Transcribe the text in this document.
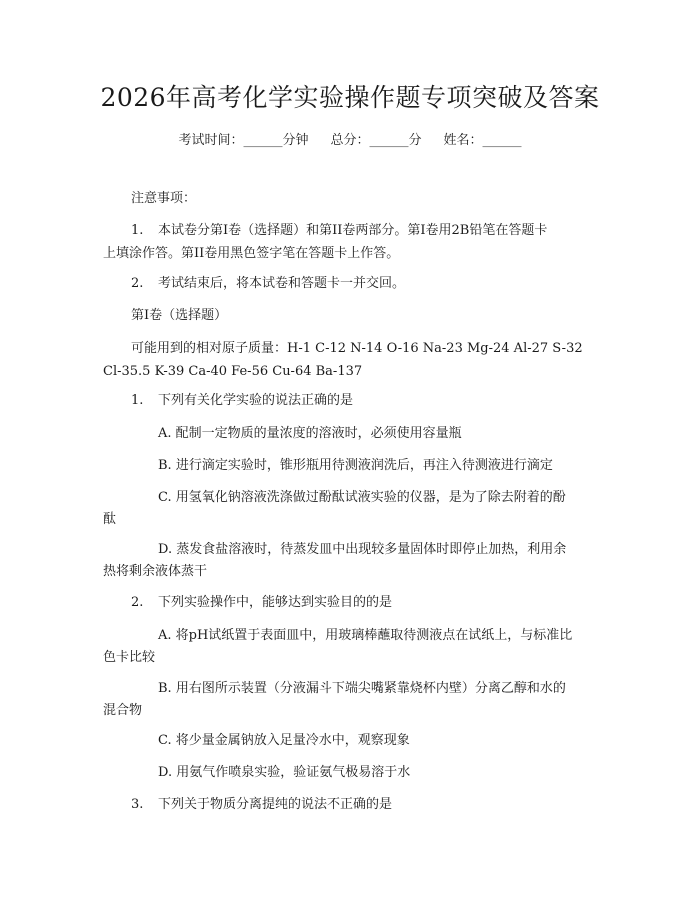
2026年高考化学实验操作题专项突破及答案
考试时间：______分钟 总分：______分 姓名：______
注意事项：
1. 本试卷分第I卷（选择题）和第II卷两部分。第I卷用2B铅笔在答题卡
上填涂作答。第II卷用黑色签字笔在答题卡上作答。
2. 考试结束后，将本试卷和答题卡一并交回。
第I卷（选择题）
可能用到的相对原子质量：H-1 C-12 N-14 O-16 Na-23 Mg-24 Al-27 S-32
Cl-35.5 K-39 Ca-40 Fe-56 Cu-64 Ba-137
1. 下列有关化学实验的说法正确的是
A. 配制一定物质的量浓度的溶液时，必须使用容量瓶
B. 进行滴定实验时，锥形瓶用待测液润洗后，再注入待测液进行滴定
C. 用氢氧化钠溶液洗涤做过酚酞试液实验的仪器，是为了除去附着的酚
酞
D. 蒸发食盐溶液时，待蒸发皿中出现较多量固体时即停止加热，利用余
热将剩余液体蒸干
2. 下列实验操作中，能够达到实验目的的是
A. 将pH试纸置于表面皿中，用玻璃棒蘸取待测液点在试纸上，与标准比
色卡比较
B. 用右图所示装置（分液漏斗下端尖嘴紧靠烧杯内壁）分离乙醇和水的
混合物
C. 将少量金属钠放入足量冷水中，观察现象
D. 用氨气作喷泉实验，验证氨气极易溶于水
3. 下列关于物质分离提纯的说法不正确的是
